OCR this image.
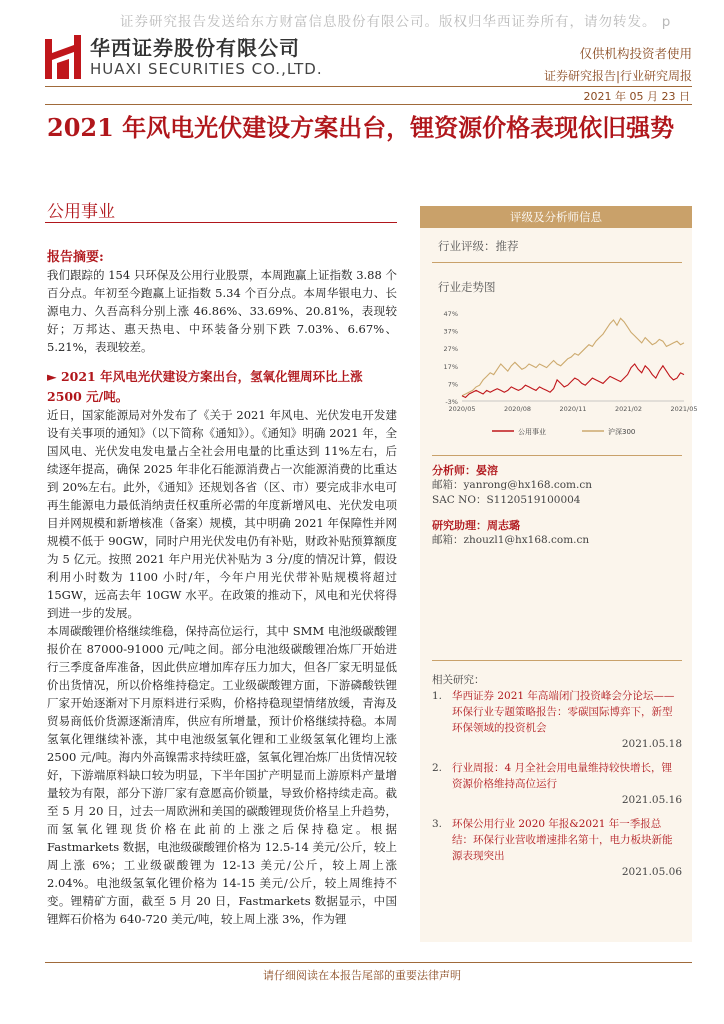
证券研究报告发送给东方财富信息股份有限公司。版权归华西证券所有，请勿转发。 p
华西证券股份有限公司
HUAXI SECURITIES CO.,LTD.
仅供机构投资者使用
证券研究报告|行业研究周报
2021 年 05 月 23 日
2021 年风电光伏建设方案出台，锂资源价格表现依旧强势
公用事业
报告摘要:
我们跟踪的 154 只环保及公用行业股票，本周跑赢上证指数 3.88 个百分点。年初至今跑赢上证指数 5.34 个百分点。本周华银电力、长源电力、久吾高科分别上涨 46.86%、33.69%、20.81%，表现较好；万邦达、惠天热电、中环装备分别下跌 7.03%、6.67%、5.21%，表现较差。
► 2021 年风电光伏建设方案出台，氢氧化锂周环比上涨 2500 元/吨。
近日，国家能源局对外发布了《关于 2021 年风电、光伏发电开发建设有关事项的通知》（以下简称《通知》）。《通知》明确 2021 年，全国风电、光伏发电发电量占全社会用电量的比重达到 11%左右，后续逐年提高，确保 2025 年非化石能源消费占一次能源消费的比重达到 20%左右。此外，《通知》还规划各省（区、市）要完成非水电可再生能源电力最低消纳责任权重所必需的年度新增风电、光伏发电项目并网规模和新增核准（备案）规模，其中明确 2021 年保障性并网规模不低于 90GW，同时户用光伏发电仍有补贴，财政补贴预算额度为 5 亿元。按照 2021 年户用光伏补贴为 3 分/度的情况计算，假设利用小时数为 1100 小时/年，今年户用光伏带补贴规模将超过 15GW，远高去年 10GW 水平。在政策的推动下，风电和光伏将得到进一步的发展。
本周碳酸锂价格继续维稳，保持高位运行，其中 SMM 电池级碳酸锂报价在 87000-91000 元/吨之间。部分电池级碳酸锂冶炼厂开始进行三季度备库准备，因此供应增加库存压力加大，但各厂家无明显低价出货情况，所以价格维持稳定。工业级碳酸锂方面，下游磷酸铁锂厂家开始逐渐对下月原料进行采购，价格持稳现望情绪放缓，青海及贸易商低价货源逐渐清库，供应有所增量，预计价格继续持稳。本周氢氧化锂继续补涨，其中电池级氢氧化锂和工业级氢氧化锂均上涨 2500 元/吨。海内外高镍需求持续旺盛，氢氧化锂冶炼厂出货情况较好，下游端原料缺口较为明显，下半年国扩产明显而上游原料产量增量较为有限，部分下游厂家有意愿高价锁量，导致价格持续走高。截至 5 月 20 日，过去一周欧洲和美国的碳酸锂现货价格呈上升趋势，而氢氧化锂现货价格在此前的上涨之后保持稳定。根据 Fastmarkets 数据，电池级碳酸锂价格为 12.5-14 美元/公斤，较上周上涨 6%；工业级碳酸锂为 12-13 美元/公斤，较上周上涨 2.04%。电池级氢氧化锂价格为 14-15 美元/公斤，较上周维持不变。锂精矿方面，截至 5 月 20 日，Fastmarkets 数据显示，中国锂辉石价格为 640-720 美元/吨，较上周上涨 3%，作为锂
评级及分析师信息
行业评级：推荐
行业走势图
47%
37%
27%
17%
7%
-3%
2020/05	2020/08	2020/11	2021/02	2021/05
公用事业	沪深300
分析师：晏溶
邮箱：yanrong@hx168.com.cn
SAC NO：S1120519100004
研究助理：周志璐
邮箱：zhouzl1@hx168.com.cn
相关研究：
1. 华西证券 2021 年高端闭门投资峰会分论坛——环保行业专题策略报告：零碳国际博弈下，新型环保领域的投资机会
2021.05.18
2. 行业周报：4 月全社会用电量维持较快增长，锂资源价格维持高位运行
2021.05.16
3. 环保公用行业 2020 年报&2021 年一季报总结：环保行业营收增速排名第十，电力板块新能源表现突出
2021.05.06
请仔细阅读在本报告尾部的重要法律声明
